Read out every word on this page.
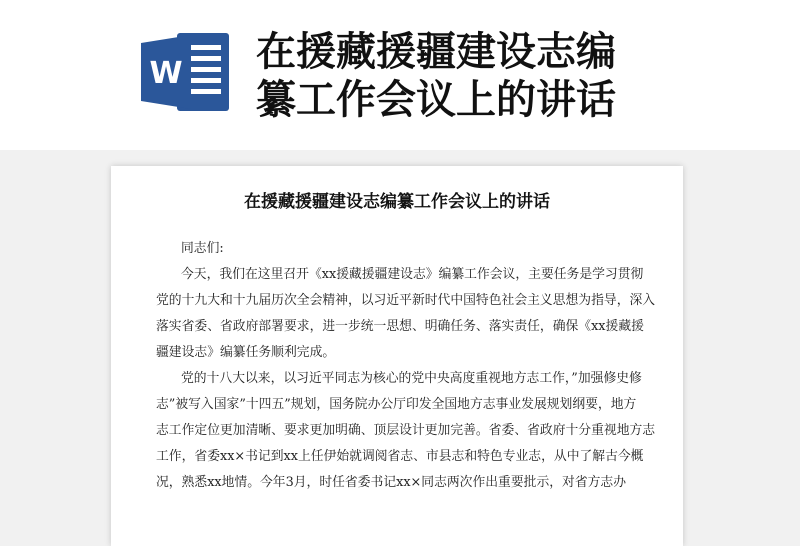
W 在援藏援疆建设志编
纂工作会议上的讲话
在援藏援疆建设志编纂工作会议上的讲话
同志们:
今天，我们在这里召开《xx援藏援疆建设志》编纂工作会议，主要任务是学习贯彻
党的十九大和十九届历次全会精神，以习近平新时代中国特色社会主义思想为指导，深入
落实省委、省政府部署要求，进一步统一思想、明确任务、落实责任，确保《xx援藏援
疆建设志》编纂任务顺利完成。
党的十八大以来，以习近平同志为核心的党中央高度重视地方志工作，”加强修史修
志”被写入国家”十四五”规划，国务院办公厅印发全国地方志事业发展规划纲要，地方
志工作定位更加清晰、要求更加明确、顶层设计更加完善。省委、省政府十分重视地方志
工作，省委xx×书记到xx上任伊始就调阅省志、市县志和特色专业志，从中了解古今概
况，熟悉xx地情。今年3月，时任省委书记xx×同志两次作出重要批示，对省方志办
